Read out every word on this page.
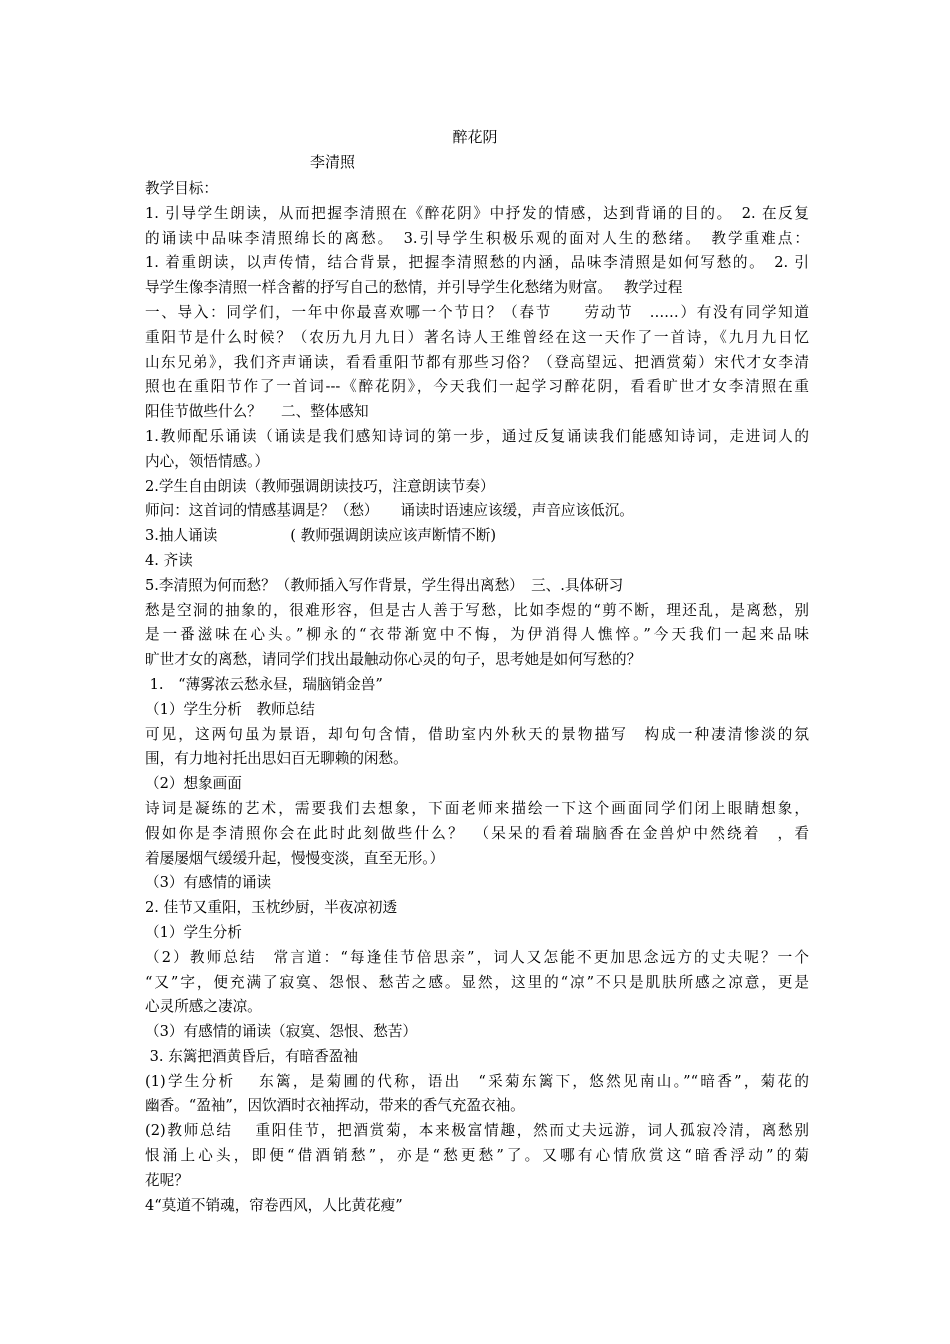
醉花阴
李清照
教学目标：
1. 引导学生朗读，从而把握李清照在《醉花阴》中抒发的情感，达到背诵的目的。　2. 在反复
的诵读中品味李清照绵长的离愁。　3.引导学生积极乐观的面对人生的愁绪。　教学重难点：
1. 着重朗读，以声传情，结合背景，把握李清照愁的内涵，品味李清照是如何写愁的。　2. 引
导学生像李清照一样含蓄的抒写自己的愁情，并引导学生化愁绪为财富。　 教学过程
一、导入：同学们，一年中你最喜欢哪一个节日？（春节　　劳动节　……）有没有同学知道
重阳节是什么时候？（农历九月九日）著名诗人王维曾经在这一天作了一首诗，《九月九日忆
山东兄弟》，我们齐声诵读，看看重阳节都有那些习俗？（登高望远、把酒赏菊）宋代才女李清
照也在重阳节作了一首词---《醉花阴》，今天我们一起学习醉花阴，看看旷世才女李清照在重
阳佳节做些什么？　 二、整体感知
1.教师配乐诵读（诵读是我们感知诗词的第一步，通过反复诵读我们能感知诗词，走进词人的
内心，领悟情感。）
2.学生自由朗读（教师强调朗读技巧，注意朗读节奏）
师问：这首词的情感基调是？（愁）　　诵读时语速应该缓，声音应该低沉。
3.抽人诵读　　　　　( 教师强调朗读应该声断情不断)
4. 齐读
5.李清照为何而愁？（教师插入写作背景，学生得出离愁）　三、.具体研习
愁是空洞的抽象的，很难形容，但是古人善于写愁，比如李煜的“剪不断，理还乱，是离愁，别
是一番滋味在心头。”柳永的“衣带渐宽中不悔，为伊消得人憔悴。”今天我们一起来品味
旷世才女的离愁，请同学们找出最触动你心灵的句子，思考她是如何写愁的？
1.　“薄雾浓云愁永昼，瑞脑销金兽”
（1）学生分析　教师总结
可见，这两句虽为景语，却句句含情，借助室内外秋天的景物描写　构成一种凄清惨淡的氛
围，有力地衬托出思妇百无聊赖的闲愁。
（2）想象画面
诗词是凝练的艺术，需要我们去想象，下面老师来描绘一下这个画面同学们闭上眼睛想象，
假如你是李清照你会在此时此刻做些什么？　（呆呆的看着瑞脑香在金兽炉中然绕着　，看
着屡屡烟气缓缓升起，慢慢变淡，直至无形。）
（3）有感情的诵读
2. 佳节又重阳，玉枕纱厨，半夜凉初透
（1）学生分析
（2）教师总结　常言道：“每逢佳节倍思亲”，词人又怎能不更加思念远方的丈夫呢？一个
“又”字，便充满了寂寞、怨恨、愁苦之感。显然，这里的“凉”不只是肌肤所感之凉意，更是
心灵所感之凄凉。
（3）有感情的诵读（寂寞、怨恨、愁苦）
3. 东篱把酒黄昏后，有暗香盈袖
(1)学生分析　 东篱，是菊圃的代称，语出　“采菊东篱下，悠然见南山。”“暗香”，菊花的
幽香。“盈袖”，因饮酒时衣袖挥动，带来的香气充盈衣袖。
(2)教师总结　 重阳佳节，把酒赏菊，本来极富情趣，然而丈夫远游，词人孤寂冷清，离愁别
恨涌上心头，即便“借酒销愁”，亦是“愁更愁”了。又哪有心情欣赏这“暗香浮动”的菊
花呢？
4“莫道不销魂，帘卷西风，人比黄花瘦”
